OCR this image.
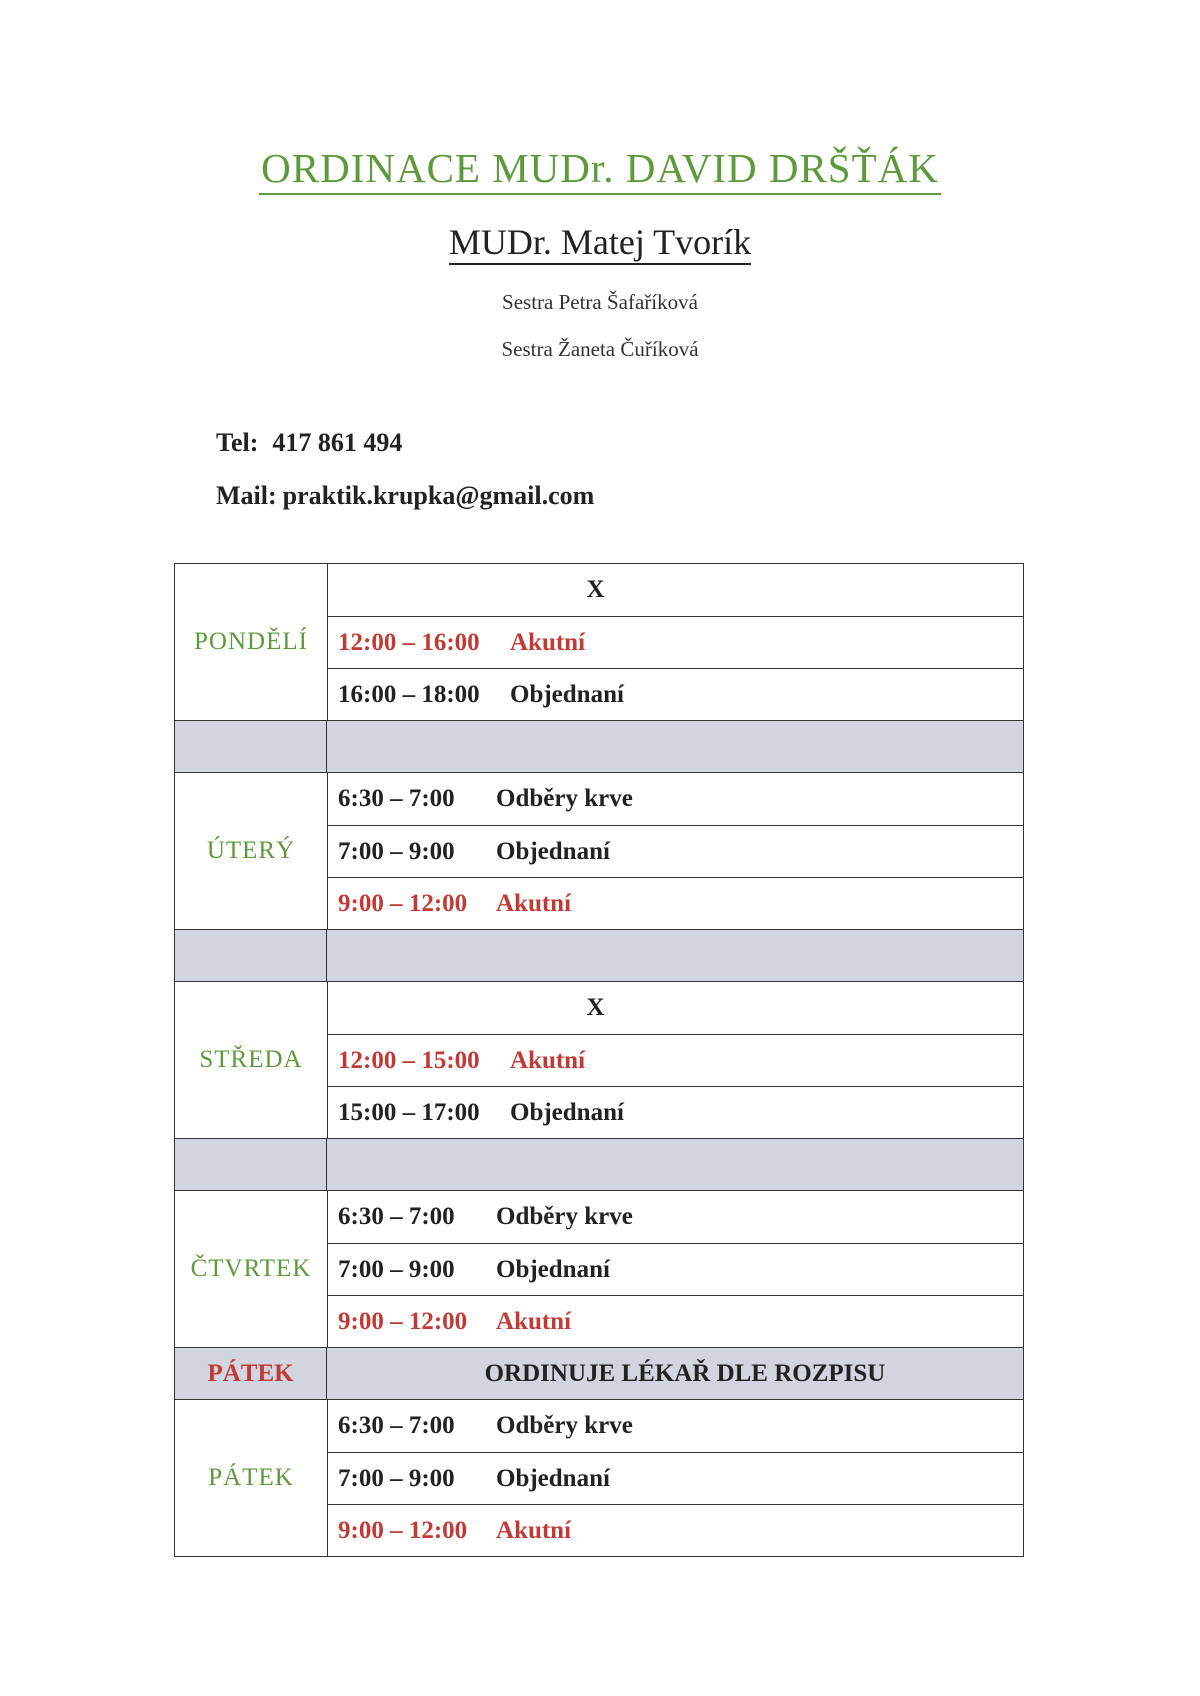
ORDINACE MUDr. DAVID DRŠŤÁK
MUDr. Matej Tvorík
Sestra Petra Šafaříková
Sestra Žaneta Čuříková
Tel: 417 861 494
Mail: praktik.krupka@gmail.com
PONDĚLÍ
X
12:00 – 16:00	Akutní
16:00 – 18:00	Objednaní
ÚTERÝ
6:30 – 7:00	Odběry krve
7:00 – 9:00	Objednaní
9:00 – 12:00	Akutní
STŘEDA
X
12:00 – 15:00	Akutní
15:00 – 17:00	Objednaní
ČTVRTEK
6:30 – 7:00	Odběry krve
7:00 – 9:00	Objednaní
9:00 – 12:00	Akutní
PÁTEK	ORDINUJE LÉKAŘ DLE ROZPISU
PÁTEK
6:30 – 7:00	Odběry krve
7:00 – 9:00	Objednaní
9:00 – 12:00	Akutní
